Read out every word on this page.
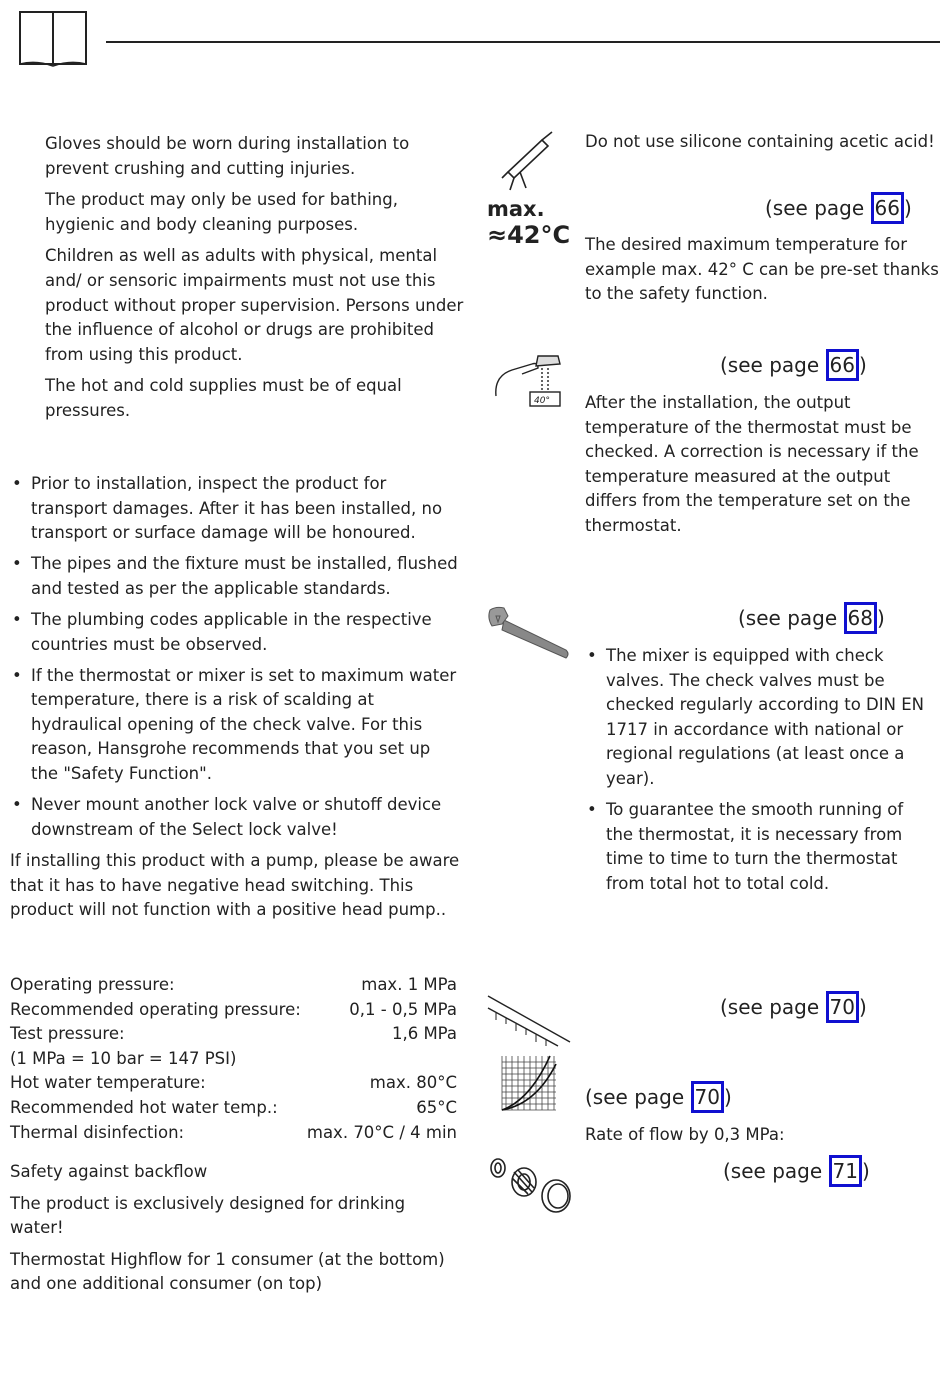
Gloves should be worn during installation to prevent crushing and cutting injuries.

The product may only be used for bathing, hygienic and body cleaning purposes.

Children as well as adults with physical, mental and/ or sensoric impairments must not use this product without proper supervision. Persons under the influence of alcohol or drugs are prohibited from using this product.

The hot and cold supplies must be of equal pressures.

• Prior to installation, inspect the product for transport damages. After it has been installed, no transport or surface damage will be honoured.
• The pipes and the fixture must be installed, flushed and tested as per the applicable standards.
• The plumbing codes applicable in the respective countries must be observed.
• If the thermostat or mixer is set to maximum water temperature, there is a risk of scalding at hydraulical opening of the check valve. For this reason, Hansgrohe recommends that you set up the "Safety Function".
• Never mount another lock valve or shutoff device downstream of the Select lock valve!

If installing this product with a pump, please be aware that it has to have negative head switching. This product will not function with a positive head pump..

Operating pressure:	max. 1 MPa
Recommended operating pressure:	0,1 - 0,5 MPa
Test pressure:	1,6 MPa
(1 MPa = 10 bar = 147 PSI)
Hot water temperature:	max. 80°C
Recommended hot water temp.:	65°C
Thermal disinfection:	max. 70°C / 4 min

Safety against backflow

The product is exclusively designed for drinking water!

Thermostat Highflow for 1 consumer (at the bottom) and one additional consumer (on top)

Do not use silicone containing acetic acid!

max.
≈42°C
(see page 66 )

The desired maximum temperature for example max. 42° C can be pre-set thanks to the safety function.

40°
(see page 66 )

After the installation, the output temperature of the thermostat must be checked. A correction is necessary if the temperature measured at the output differs from the temperature set on the thermostat.

(see page 68 )
• The mixer is equipped with check valves. The check valves must be checked regularly according to DIN EN 1717 in accordance with national or regional regulations (at least once a year).
• To guarantee the smooth running of the thermostat, it is necessary from time to time to turn the thermostat from total hot to total cold.
(see page 70 )
(see page 70 )

Rate of flow by 0,3 MPa:

(see page 71 )
